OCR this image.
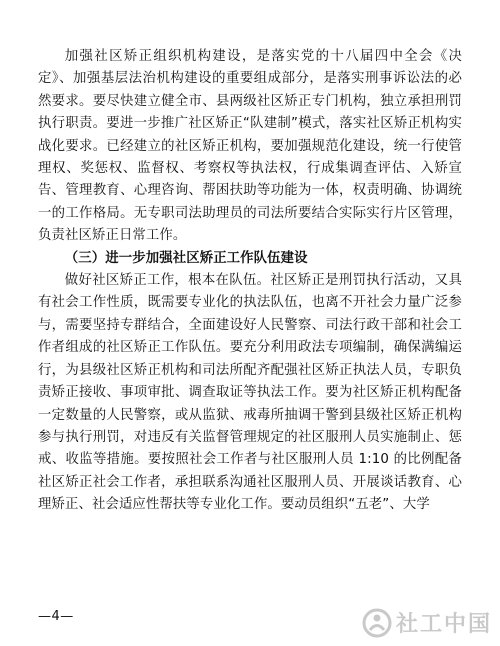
加强社区矫正组织机构建设，是落实党的十八届四中全会《决定》、加强基层法治机构建设的重要组成部分，是落实刑事诉讼法的必然要求。要尽快建立健全市、县两级社区矫正专门机构，独立承担刑罚执行职责。要进一步推广社区矫正“队建制”模式，落实社区矫正机构实战化要求。已经建立的社区矫正机构，要加强规范化建设，统一行使管理权、奖惩权、监督权、考察权等执法权，行成集调查评估、入矫宣告、管理教育、心理咨询、帮困扶助等功能为一体，权责明确、协调统一的工作格局。无专职司法助理员的司法所要结合实际实行片区管理，负责社区矫正日常工作。

（三）进一步加强社区矫正工作队伍建设

做好社区矫正工作，根本在队伍。社区矫正是刑罚执行活动，又具有社会工作性质，既需要专业化的执法队伍，也离不开社会力量广泛参与，需要坚持专群结合，全面建设好人民警察、司法行政干部和社会工作者组成的社区矫正工作队伍。要充分利用政法专项编制，确保满编运行，为县级社区矫正机构和司法所配齐配强社区矫正执法人员，专职负责矫正接收、事项审批、调查取证等执法工作。要为社区矫正机构配备一定数量的人民警察，或从监狱、戒毒所抽调干警到县级社区矫正机构参与执行刑罚，对违反有关监督管理规定的社区服刑人员实施制止、惩戒、收监等措施。要按照社会工作者与社区服刑人员 1:10 的比例配备社区矫正社会工作者，承担联系沟通社区服刑人员、开展谈话教育、心理矫正、社会适应性帮扶等专业化工作。要动员组织“五老”、大学

—4—	社工中国
